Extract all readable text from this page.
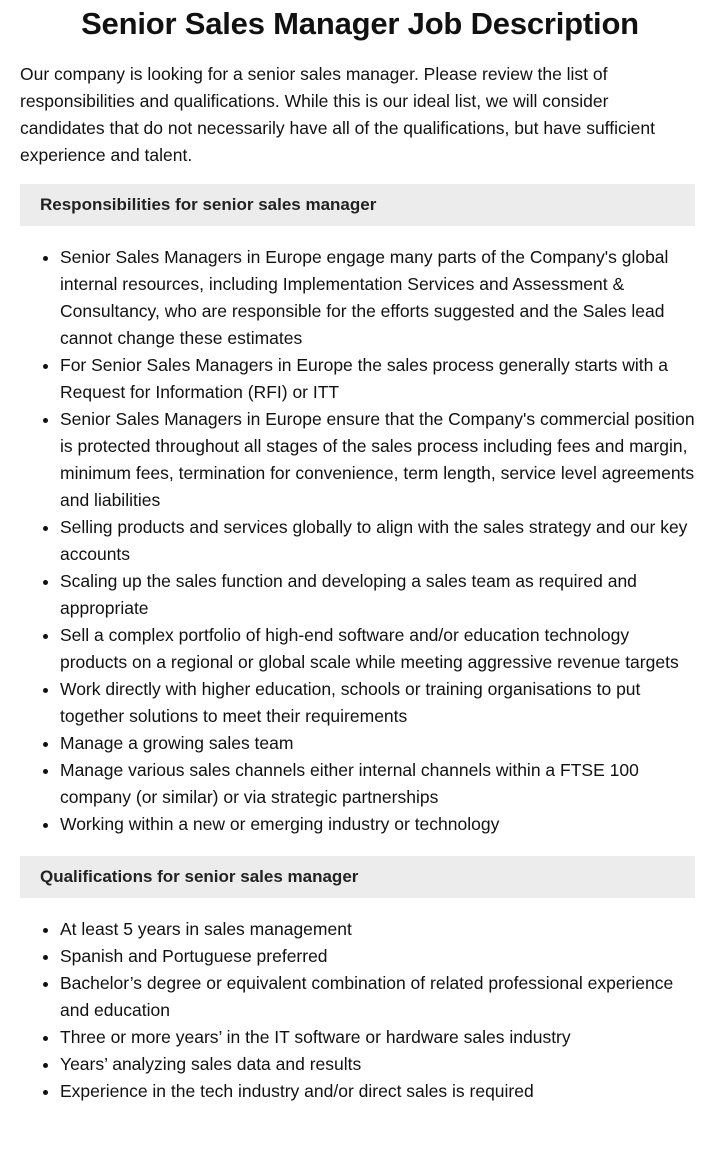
Senior Sales Manager Job Description

Our company is looking for a senior sales manager. Please review the list of responsibilities and qualifications. While this is our ideal list, we will consider candidates that do not necessarily have all of the qualifications, but have sufficient experience and talent.

Responsibilities for senior sales manager
• Senior Sales Managers in Europe engage many parts of the Company's global internal resources, including Implementation Services and Assessment & Consultancy, who are responsible for the efforts suggested and the Sales lead cannot change these estimates
• For Senior Sales Managers in Europe the sales process generally starts with a Request for Information (RFI) or ITT
• Senior Sales Managers in Europe ensure that the Company's commercial position is protected throughout all stages of the sales process including fees and margin, minimum fees, termination for convenience, term length, service level agreements and liabilities
• Selling products and services globally to align with the sales strategy and our key accounts
• Scaling up the sales function and developing a sales team as required and appropriate
• Sell a complex portfolio of high-end software and/or education technology products on a regional or global scale while meeting aggressive revenue targets
• Work directly with higher education, schools or training organisations to put together solutions to meet their requirements
• Manage a growing sales team
• Manage various sales channels either internal channels within a FTSE 100 company (or similar) or via strategic partnerships
• Working within a new or emerging industry or technology
Qualifications for senior sales manager
• At least 5 years in sales management
• Spanish and Portuguese preferred
• Bachelor’s degree or equivalent combination of related professional experience and education
• Three or more years’ in the IT software or hardware sales industry
• Years’ analyzing sales data and results
• Experience in the tech industry and/or direct sales is required
